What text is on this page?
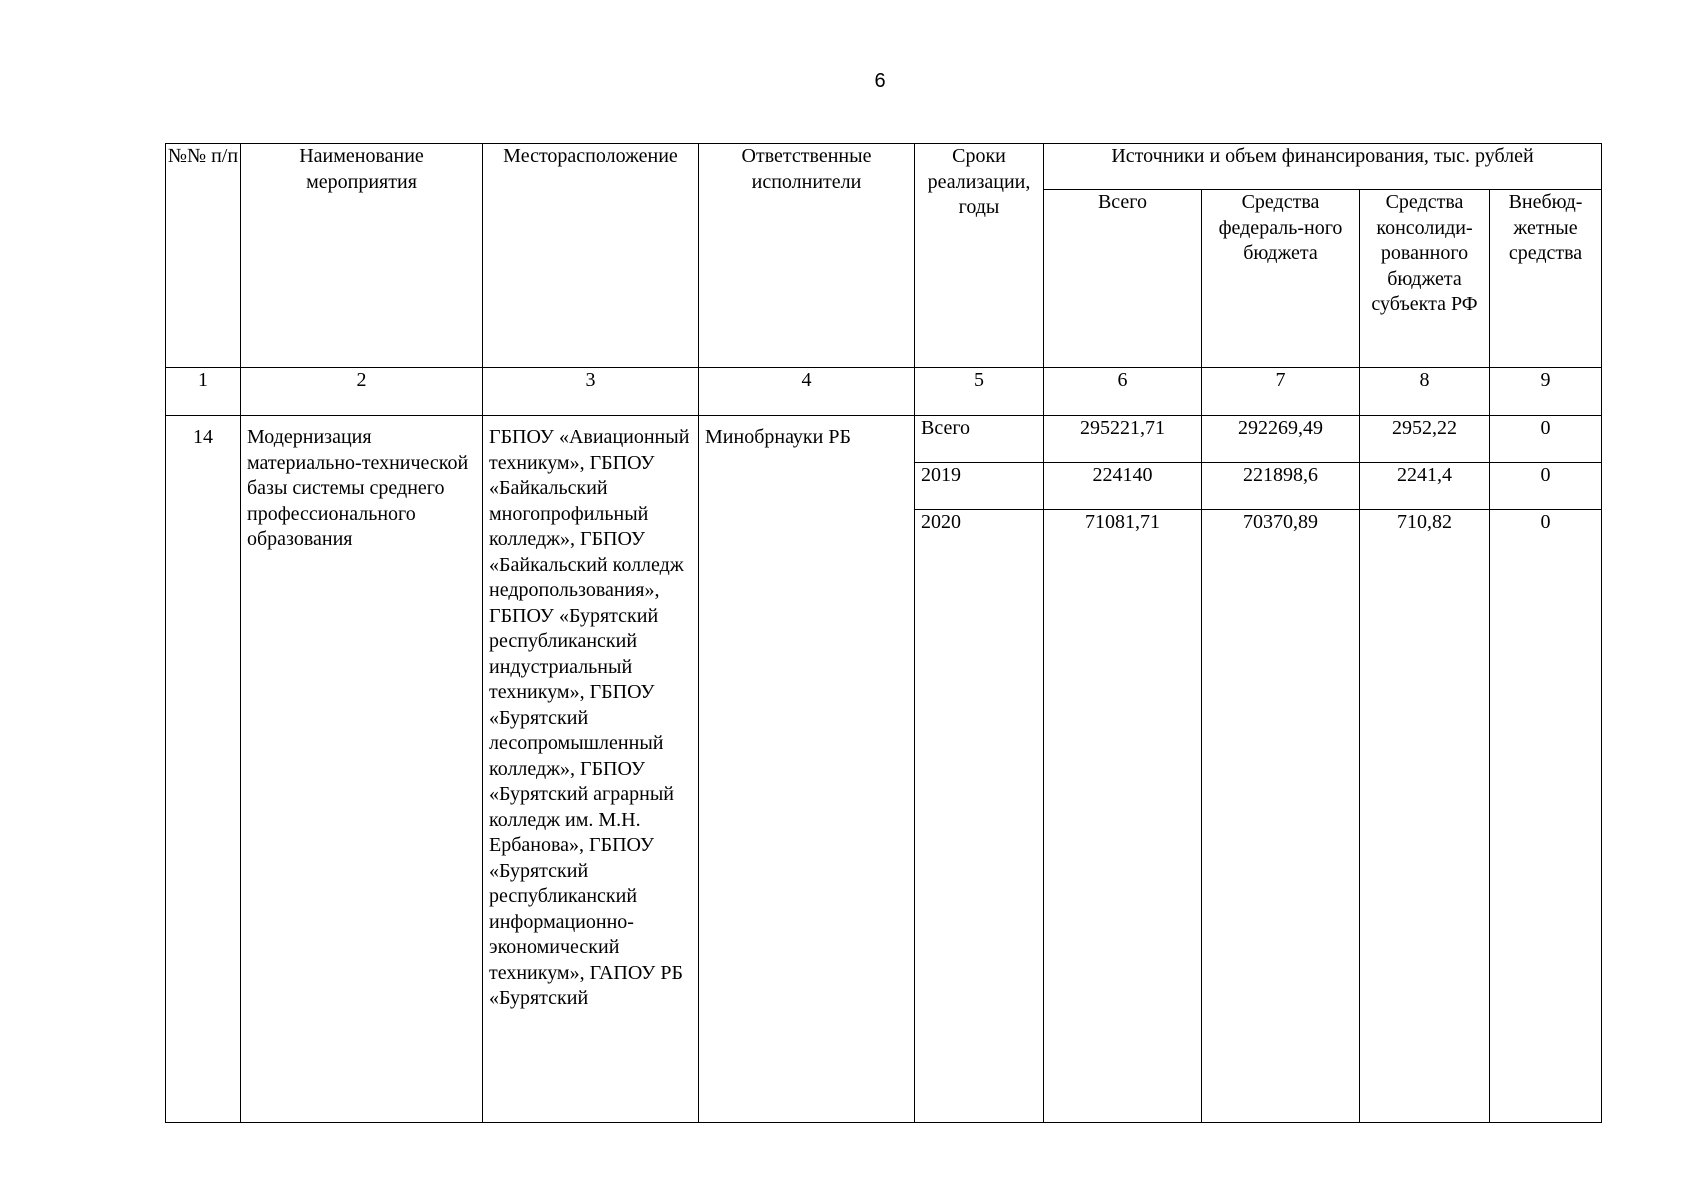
6
№№ п/п	Наименование мероприятия	Месторасположение	Ответственные исполнители	Сроки реализации, годы	Источники и объем финансирования, тыс. рублей			
					Всего	Средства федераль-ного бюджета	Средства консолиди-рованного бюджета субъекта РФ	Внебюд-жетные средства
1	2	3	4	5	6	7	8	9
14	Модернизация материально-технической базы системы среднего профессионального образования	ГБПОУ «Авиационный техникум», ГБПОУ «Байкальский многопрофильный колледж», ГБПОУ «Байкальский колледж недропользования», ГБПОУ «Бурятский республиканский индустриальный техникум», ГБПОУ «Бурятский лесопромышленный колледж», ГБПОУ «Бурятский аграрный колледж им. М.Н. Ербанова», ГБПОУ «Бурятский республиканский информационно-экономический техникум», ГАПОУ РБ «Бурятский	Минобрнауки РБ	Всего	295221,71	292269,49	2952,22	0
				2019	224140	221898,6	2241,4	0
				2020	71081,71	70370,89	710,82	0
